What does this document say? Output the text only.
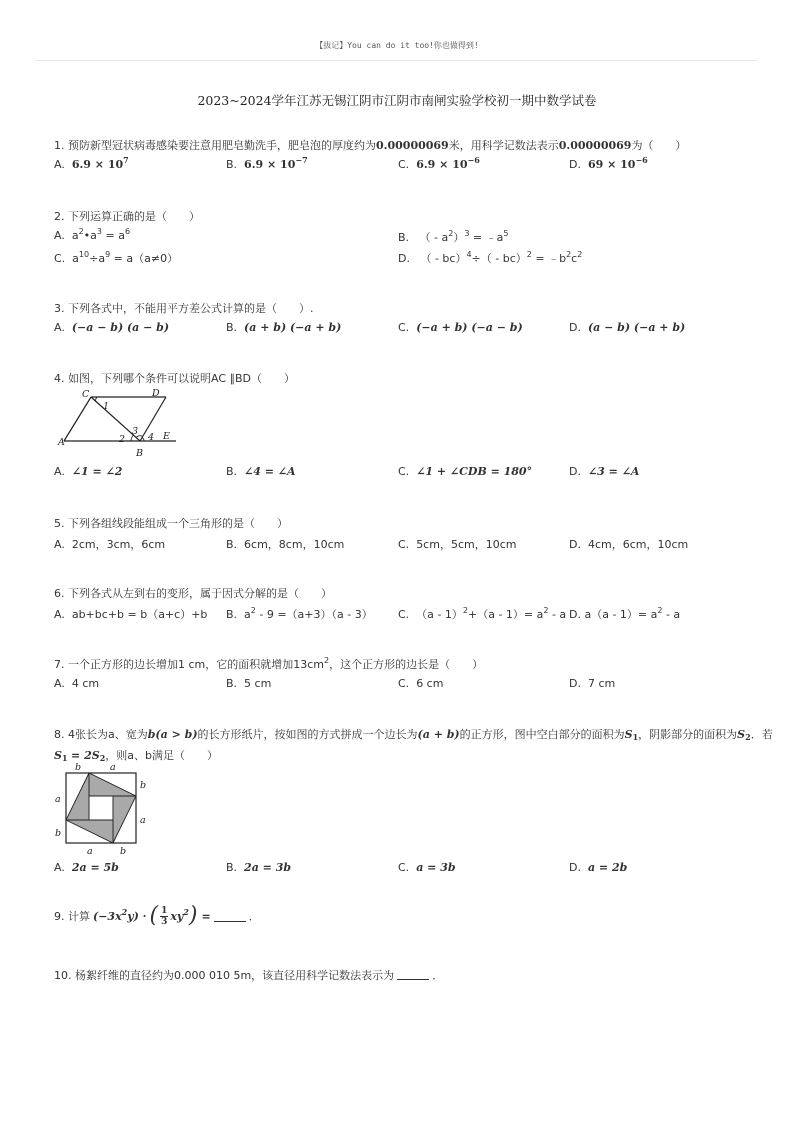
【拔记】You can do it too!你也做得到!
2023~2024学年江苏无锡江阴市江阴市南闸实验学校初一期中数学试卷
1. 预防新型冠状病毒感染要注意用肥皂勤洗手，肥皂泡的厚度约为0.00000069米，用科学记数法表示0.00000069为（　　）
A. $6.9 \times 10^7$	B. $6.9 \times 10^{-7}$	C. $6.9 \times 10^{-6}$	D. $69 \times 10^{-6}$
2. 下列运算正确的是（　　）
A.  $a^2•a^3 = a^6$	B.   （ - $a^2)^3$ = $﹣a^5$
C.  $a^{10}\div a^9 = a(a\ne 0)$	D.   （ - $bc)^4\div( - bc)^2 = ﹣b^2c^2$
3. 下列各式中，不能用平方差公式计算的是（　　）.
A. (−a − b) (a − b)	B. (a + b) (−a + b)	C. (−a + b) (−a − b)	D. (a − b) (−a + b)
4. 如图，下列哪个条件可以说明AC ∥BD（　　）
C	D
A
B
E
1
2
3
4
A. ∠1 = ∠2	B. ∠4 = ∠A	C. ∠1 + ∠CDB = 180°	D. ∠3 = ∠A
5. 下列各组线段能组成一个三角形的是（　　）
A. 2cm，3cm，6cm	B. 6cm，8cm，10cm	C. 5cm，5cm，10cm	D. 4cm，6cm，10cm
6. 下列各式从左到右的变形，属于因式分解的是（　　）
A. ab+bc+b = b（a+c）+b B.  $a^2 - 9 =(a+3)(a - 3)$ C.  $(a - 1)^2+(a - 1)= a^2 - a$ D. $a(a - 1)= a^2 - a$
7. 一个正方形的边长增加1 cm，它的面积就增加$13cm^2$，这个正方形的边长是（　　）
A. 4 cm	B. 5 cm	C. 6 cm	D. 7 cm
8. 4张长为a、宽为b(a > b)的长方形纸片，按如图的方式拼成一个边长为(a + b)的正方形，图中空白部分的面积为$S_1$，阴影部分的面积为$S_2$．若
$S_1 = 2S_2$，则a、b满足（　　）
b	a
a
b
b
a
a	b
A. 2a = 5b	B. 2a = 3b	C. a = 3b	D. a = 2b
9. 计算 $(-3x^2y)$ · ( 1
3 $xy^2$ ) =	．
10. 杨絮纤维的直径约为0.000 010 5m，该直径用科学记数法表示为	．
